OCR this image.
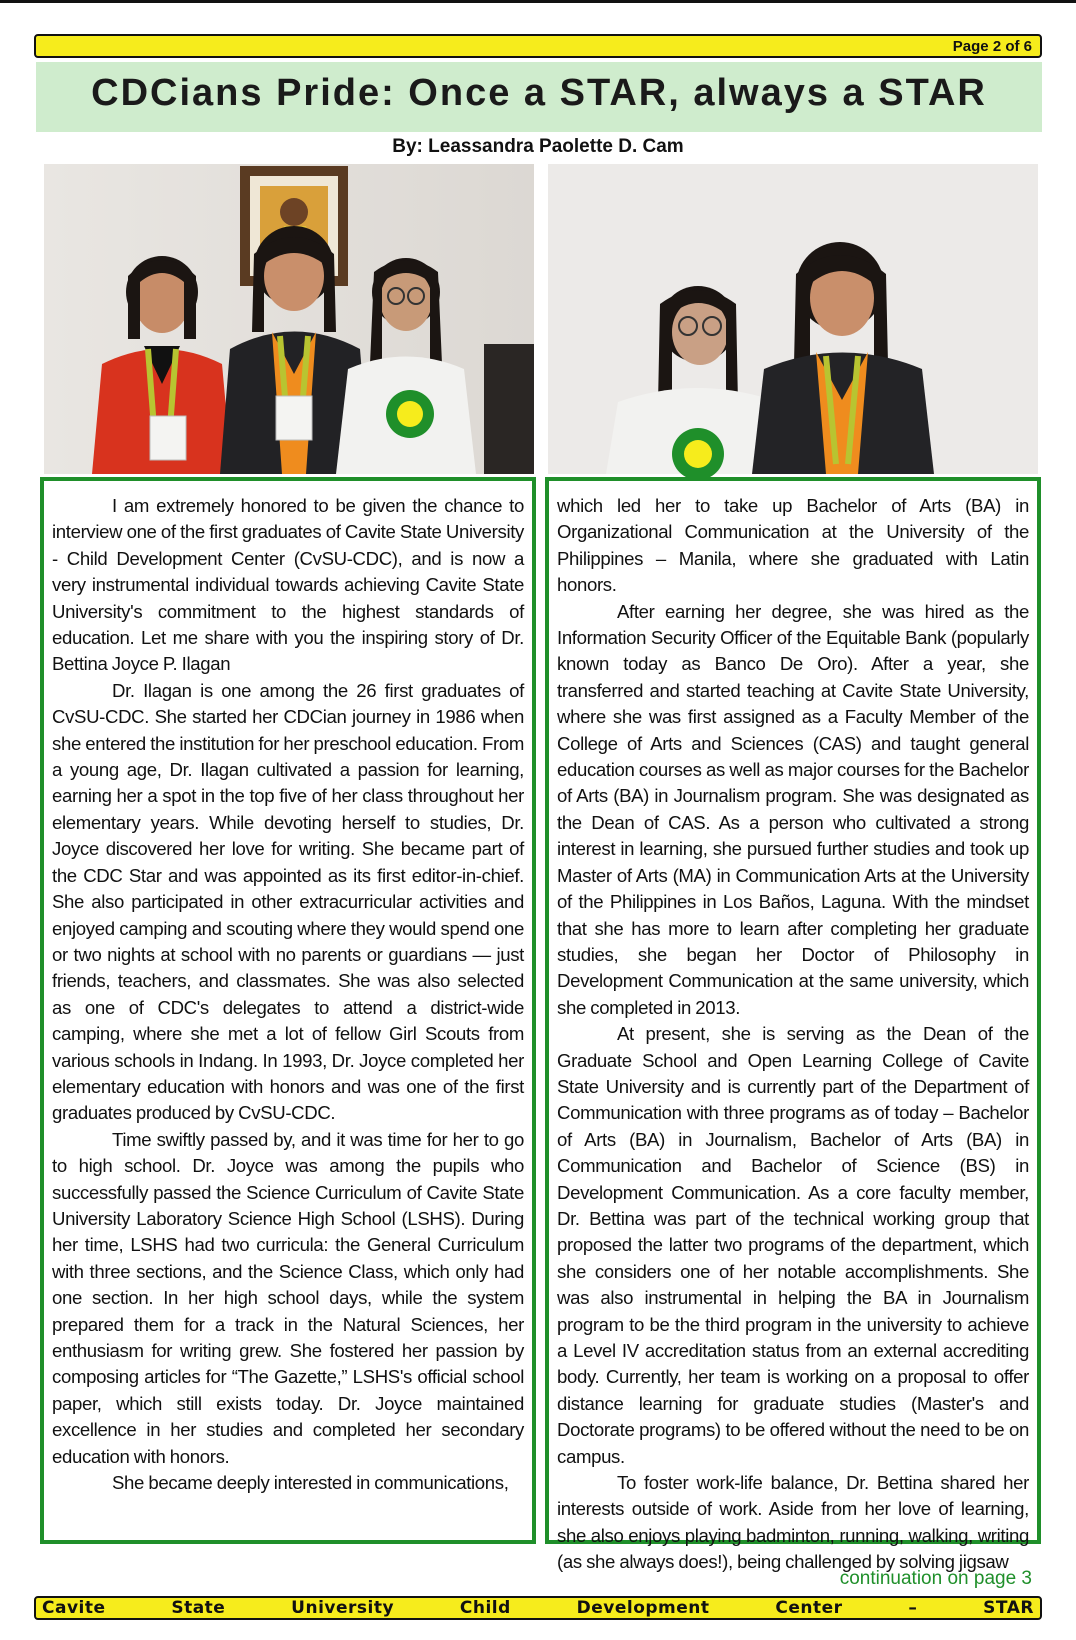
Page 2 of 6
CDCians Pride: Once a STAR, always a STAR
By: Leassandra Paolette D. Cam

I am extremely honored to be given the chance to interview one of the first graduates of Cavite State University - Child Development Center (CvSU-CDC), and is now a very instrumental individual towards achieving Cavite State University's commitment to the highest standards of education. Let me share with you the inspiring story of Dr. Bettina Joyce P. Ilagan

Dr. Ilagan is one among the 26 first graduates of CvSU-CDC. She started her CDCian journey in 1986 when she entered the institution for her preschool education. From a young age, Dr. Ilagan cultivated a passion for learning, earning her a spot in the top five of her class throughout her elementary years. While devoting herself to studies, Dr. Joyce discovered her love for writing. She became part of the CDC Star and was appointed as its first editor-in-chief. She also participated in other extracurricular activities and enjoyed camping and scouting where they would spend one or two nights at school with no parents or guardians — just friends, teachers, and classmates. She was also selected as one of CDC's delegates to attend a district-wide camping, where she met a lot of fellow Girl Scouts from various schools in Indang. In 1993, Dr. Joyce completed her elementary education with honors and was one of the first graduates produced by CvSU-CDC.

Time swiftly passed by, and it was time for her to go to high school. Dr. Joyce was among the pupils who successfully passed the Science Curriculum of Cavite State University Laboratory Science High School (LSHS). During her time, LSHS had two curricula: the General Curriculum with three sections, and the Science Class, which only had one section. In her high school days, while the system prepared them for a track in the Natural Sciences, her enthusiasm for writing grew. She fostered her passion by composing articles for “The Gazette,” LSHS's official school paper, which still exists today. Dr. Joyce maintained excellence in her studies and completed her secondary education with honors.

She became deeply interested in communications,

which led her to take up Bachelor of Arts (BA) in Organizational Communication at the University of the Philippines – Manila, where she graduated with Latin honors.

After earning her degree, she was hired as the Information Security Officer of the Equitable Bank (popularly known today as Banco De Oro). After a year, she transferred and started teaching at Cavite State University, where she was first assigned as a Faculty Member of the College of Arts and Sciences (CAS) and taught general education courses as well as major courses for the Bachelor of Arts (BA) in Journalism program. She was designated as the Dean of CAS. As a person who cultivated a strong interest in learning, she pursued further studies and took up Master of Arts (MA) in Communication Arts at the University of the Philippines in Los Baños, Laguna. With the mindset that she has more to learn after completing her graduate studies, she began her Doctor of Philosophy in Development Communication at the same university, which she completed in 2013.

At present, she is serving as the Dean of the Graduate School and Open Learning College of Cavite State University and is currently part of the Department of Communication with three programs as of today – Bachelor of Arts (BA) in Journalism, Bachelor of Arts (BA) in Communication and Bachelor of Science (BS) in Development Communication. As a core faculty member, Dr. Bettina was part of the technical working group that proposed the latter two programs of the department, which she considers one of her notable accomplishments. She was also instrumental in helping the BA in Journalism program to be the third program in the university to achieve a Level IV accreditation status from an external accrediting body. Currently, her team is working on a proposal to offer distance learning for graduate studies (Master's and Doctorate programs) to be offered without the need to be on campus.

To foster work-life balance, Dr. Bettina shared her interests outside of work. Aside from her love of learning, she also enjoys playing badminton, running, walking, writing (as she always does!), being challenged by solving jigsaw

continuation on page 3
Cavite	State	University	Child	Development	Center	–	STAR
